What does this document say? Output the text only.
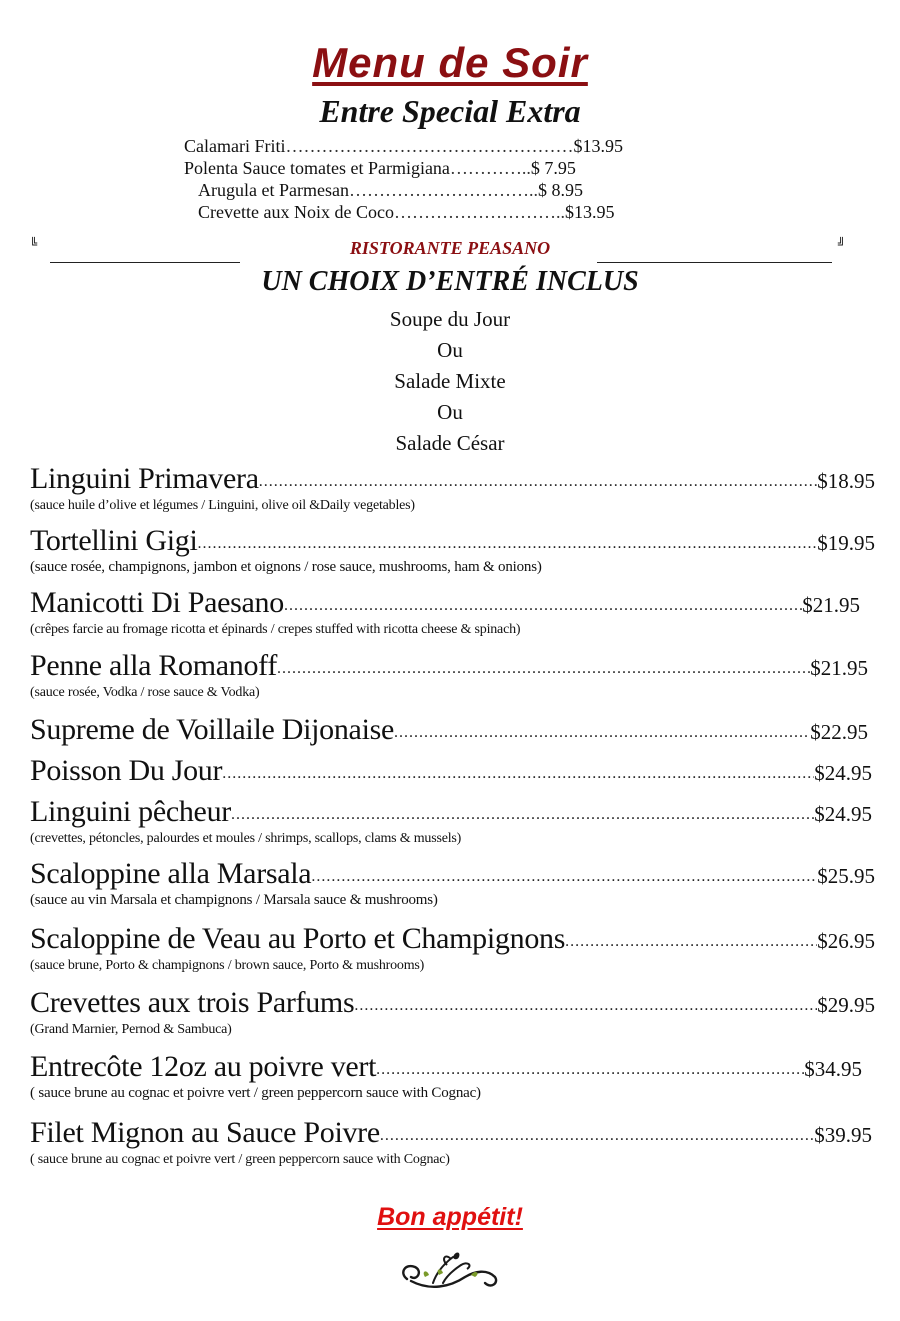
Menu de Soir
Entre Special Extra
Calamari Friti…………………………………………$13.95
Polenta Sauce tomates et Parmigiana…………..$ 7.95
Arugula et Parmesan…………………………..$ 8.95
Crevette aux Noix de Coco………………………..$13.95
╚	RISTORANTE PEASANO	╝
UN CHOIX D’ENTRÉ INCLUS
Soupe du Jour
Ou
Salade Mixte
Ou
Salade César
Linguini Primavera .....	$18.95
(sauce huile d’olive et légumes / Linguini, olive oil &Daily vegetables)
Tortellini Gigi .....	$19.95
(sauce rosée, champignons, jambon et oignons / rose sauce, mushrooms, ham & onions)
Manicotti Di Paesano .....	$21.95
(crêpes farcie au fromage ricotta et épinards / crepes stuffed with ricotta cheese & spinach)
Penne alla Romanoff .....	$21.95
(sauce rosée, Vodka / rose sauce & Vodka)
Supreme de Voillaile Dijonaise .....	$22.95
Poisson Du Jour .....	$24.95
Linguini pêcheur .....	$24.95
(crevettes, pétoncles, palourdes et moules / shrimps, scallops, clams & mussels)
Scaloppine alla Marsala .....	$25.95
(sauce au vin Marsala et champignons / Marsala sauce & mushrooms)
Scaloppine de Veau au Porto et Champignons .....	$26.95
(sauce brune, Porto & champignons / brown sauce, Porto & mushrooms)
Crevettes aux trois Parfums .....	$29.95
(Grand Marnier, Pernod & Sambuca)
Entrecôte 12oz au poivre vert .....	$34.95
( sauce brune au cognac et poivre vert / green peppercorn sauce with Cognac)
Filet Mignon au Sauce Poivre .....	$39.95
( sauce brune au cognac et poivre vert / green peppercorn sauce with Cognac)
Bon appétit!
